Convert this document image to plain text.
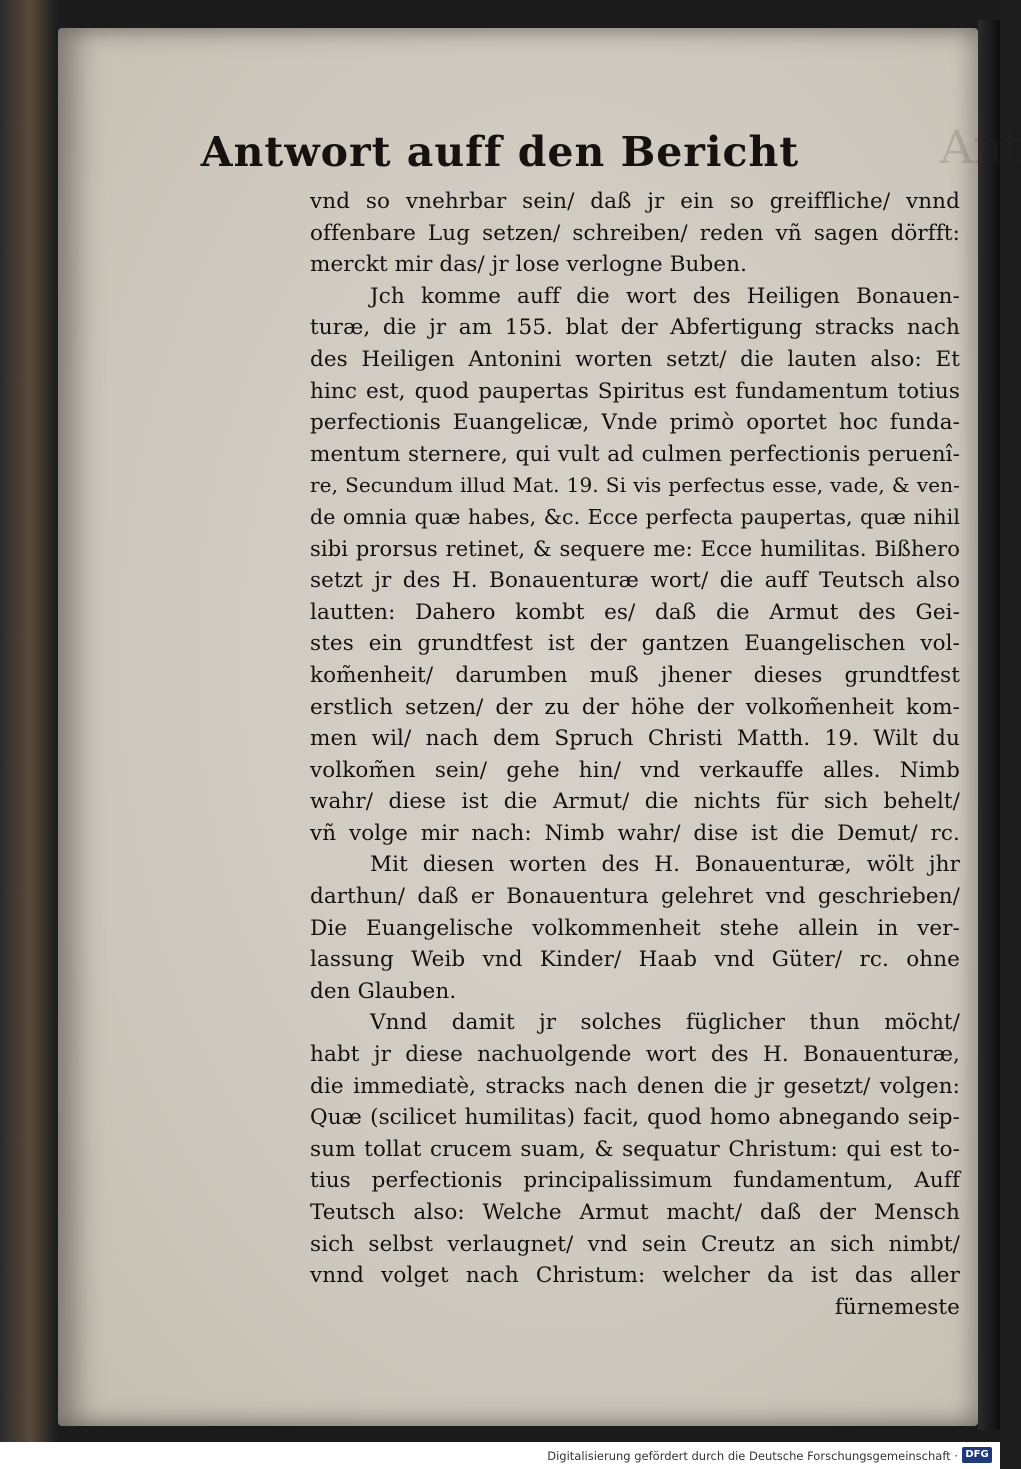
Ant
Antwort auff den Bericht
vnd so vnehrbar sein/ daß jr ein so greiffliche/ vnnd
offenbare Lug setzen/ schreiben/ reden vñ sagen dörfft:
merckt mir das/ jr lose verlogne Buben.
Jch komme auff die wort des Heiligen Bonauen-
turæ, die jr am 155. blat der Abfertigung stracks nach
des Heiligen Antonini worten setzt/ die lauten also: Et
hinc est, quod paupertas Spiritus est fundamentum totius
perfectionis Euangelicæ, Vnde primò oportet hoc funda-
mentum sternere, qui vult ad culmen perfectionis peruenî-
re, Secundum illud Mat. 19. Si vis perfectus esse, vade, & ven-
de omnia quæ habes, &c. Ecce perfecta paupertas, quæ nihil
sibi prorsus retinet, & sequere me: Ecce humilitas. Bißhero
setzt jr des H. Bonauenturæ wort/ die auff Teutsch also
lautten: Dahero kombt es/ daß die Armut des Gei-
stes ein grundtfest ist der gantzen Euangelischen vol-
kom̃enheit/ darumben muß jhener dieses grundtfest
erstlich setzen/ der zu der höhe der volkom̃enheit kom-
men wil/ nach dem Spruch Christi Matth. 19. Wilt du
volkom̃en sein/ gehe hin/ vnd verkauffe alles. Nimb
wahr/ diese ist die Armut/ die nichts für sich behelt/
vñ volge mir nach: Nimb wahr/ dise ist die Demut/ rc.
Mit diesen worten des H. Bonauenturæ, wölt jhr
darthun/ daß er Bonauentura gelehret vnd geschrieben/
Die Euangelische volkommenheit stehe allein in ver-
lassung Weib vnd Kinder/ Haab vnd Güter/ rc. ohne
den Glauben.
Vnnd damit jr solches füglicher thun möcht/
habt jr diese nachuolgende wort des H. Bonauenturæ,
die immediatè, stracks nach denen die jr gesetzt/ volgen:
Quæ (scilicet humilitas) facit, quod homo abnegando seip-
sum tollat crucem suam, & sequatur Christum: qui est to-
tius perfectionis principalissimum fundamentum, Auff
Teutsch also: Welche Armut macht/ daß der Mensch
sich selbst verlaugnet/ vnd sein Creutz an sich nimbt/
vnnd volget nach Christum: welcher da ist das aller
fürnemeste
Digitalisierung gefördert durch die Deutsche Forschungsgemeinschaft · DFG
